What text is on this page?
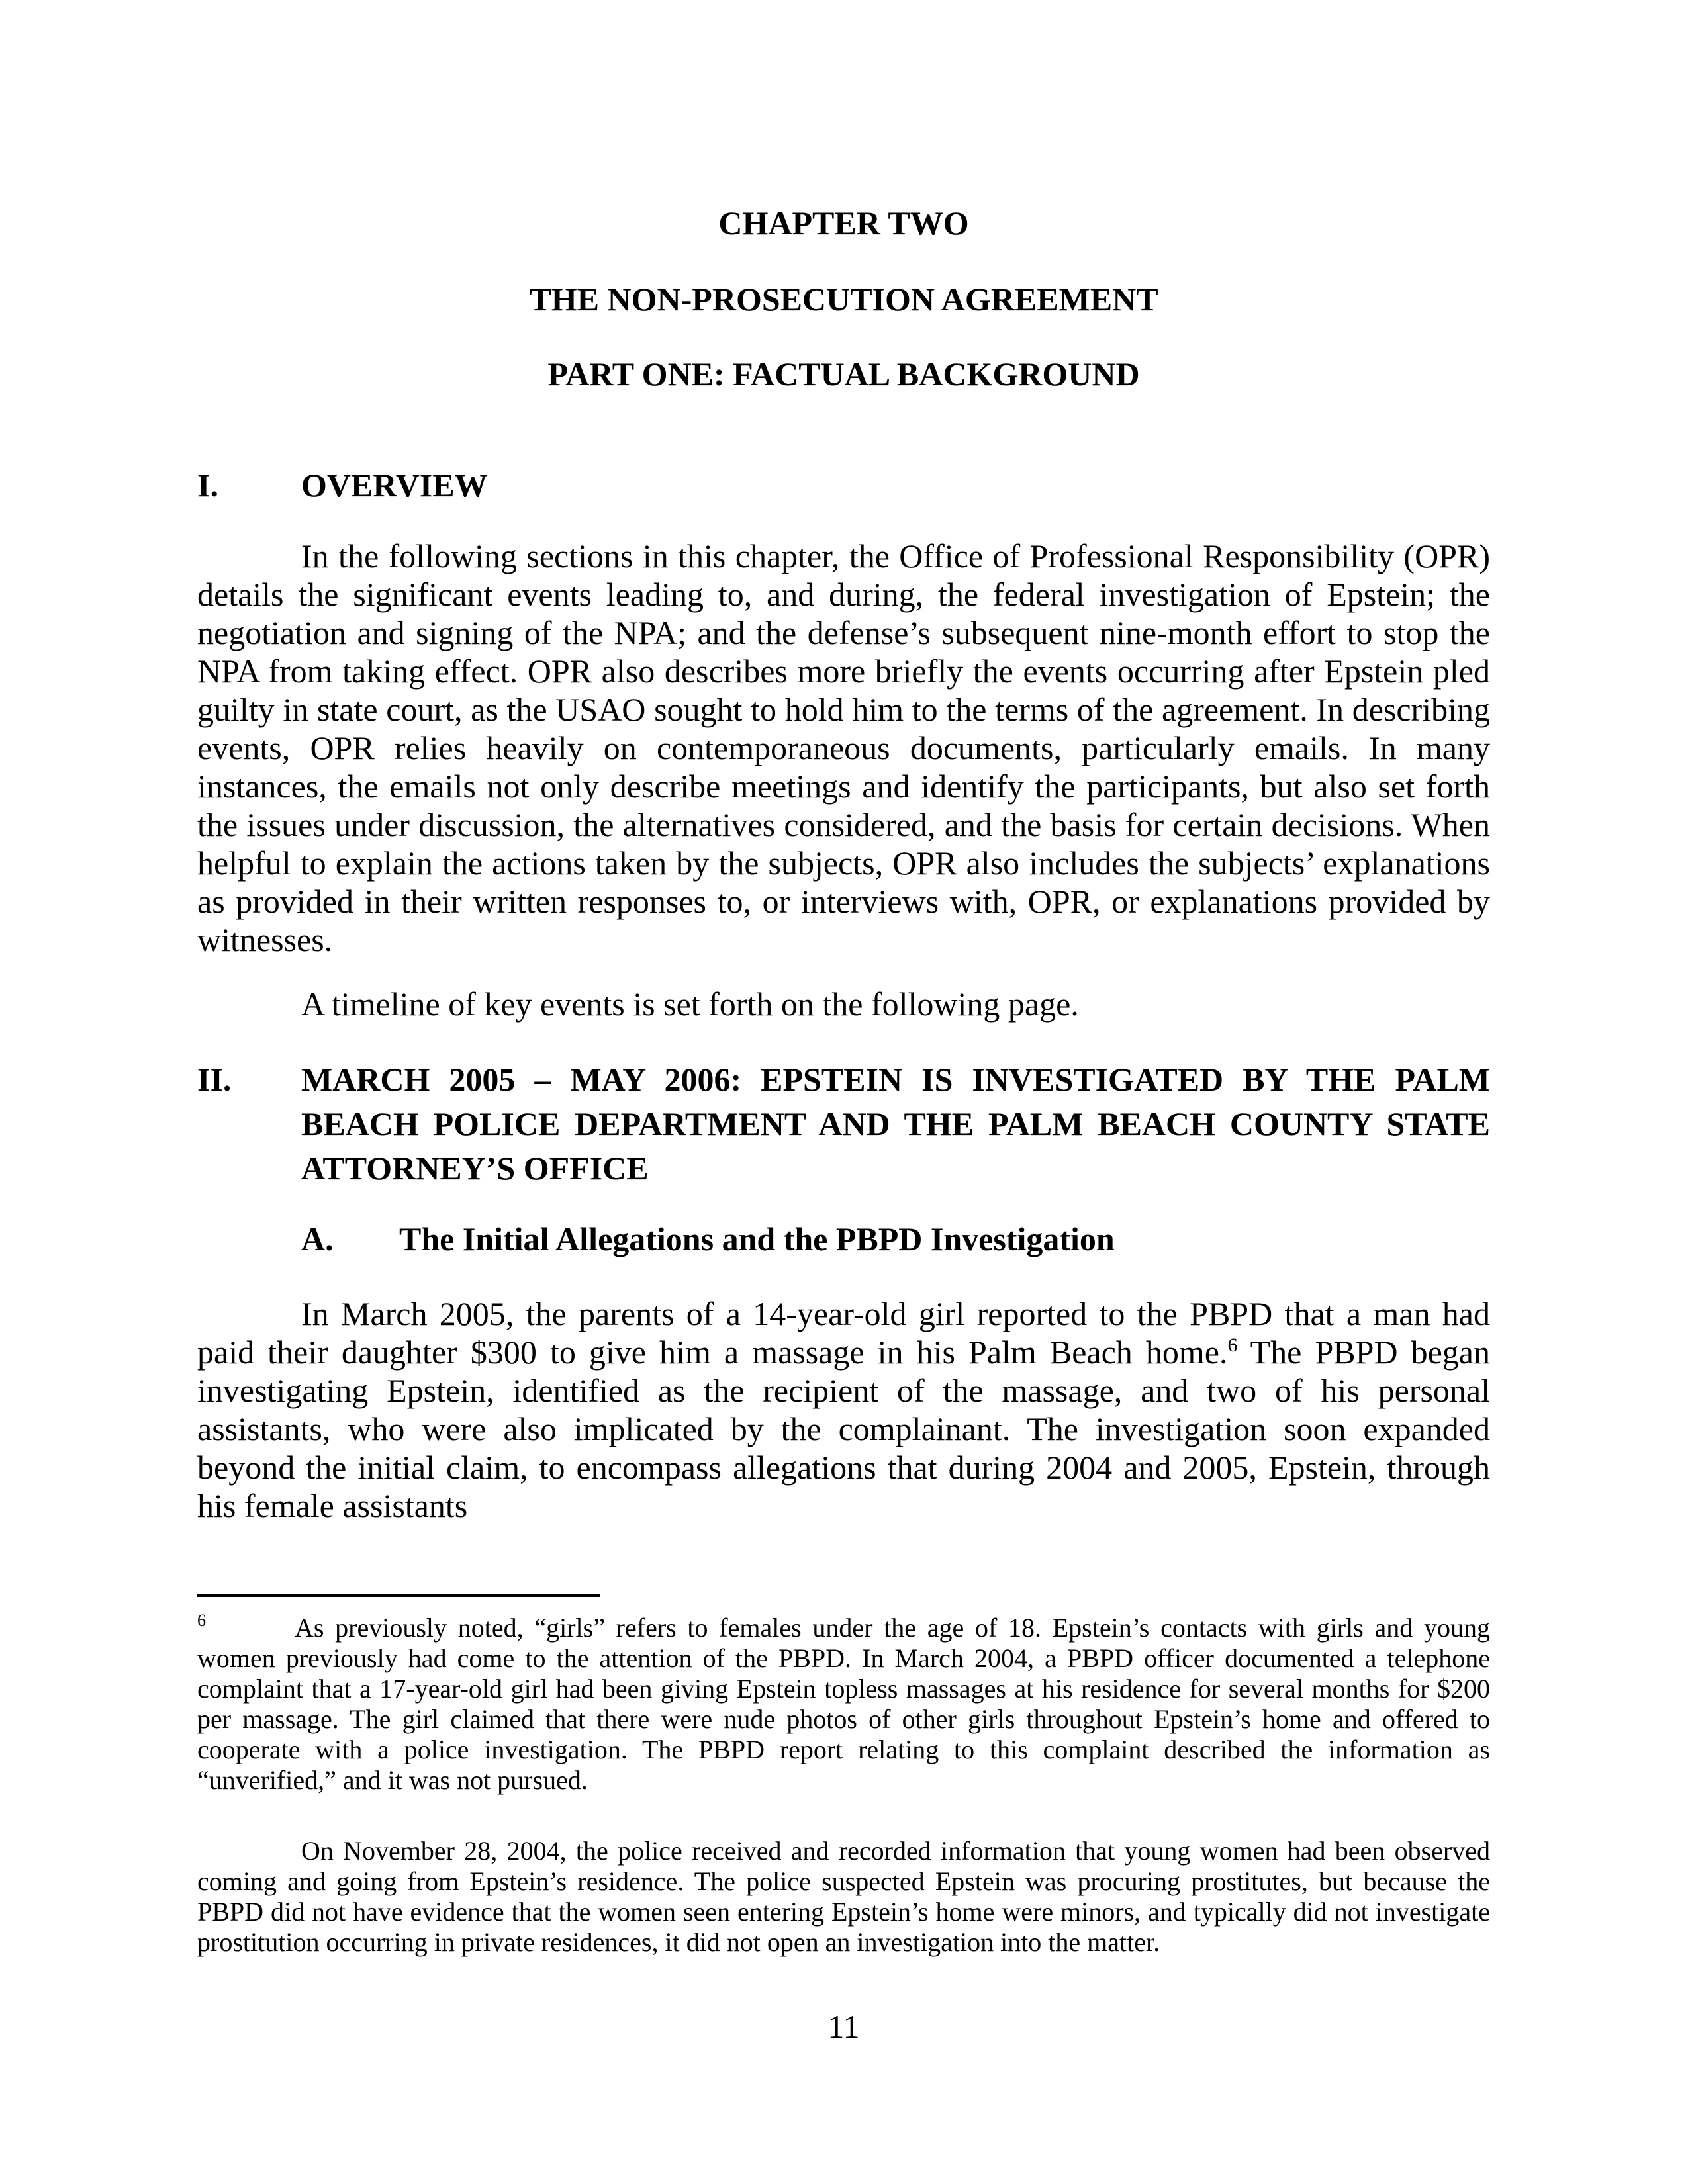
CHAPTER TWO
THE NON-PROSECUTION AGREEMENT
PART ONE: FACTUAL BACKGROUND
I.	OVERVIEW

In the following sections in this chapter, the Office of Professional Responsibility (OPR) details the significant events leading to, and during, the federal investigation of Epstein; the negotiation and signing of the NPA; and the defense’s subsequent nine-month effort to stop the NPA from taking effect. OPR also describes more briefly the events occurring after Epstein pled guilty in state court, as the USAO sought to hold him to the terms of the agreement. In describing events, OPR relies heavily on contemporaneous documents, particularly emails. In many instances, the emails not only describe meetings and identify the participants, but also set forth the issues under discussion, the alternatives considered, and the basis for certain decisions. When helpful to explain the actions taken by the subjects, OPR also includes the subjects’ explanations as provided in their written responses to, or interviews with, OPR, or explanations provided by witnesses.

A timeline of key events is set forth on the following page.

II. MARCH 2005 – MAY 2006: EPSTEIN IS INVESTIGATED BY THE PALM
BEACH POLICE DEPARTMENT AND THE PALM BEACH COUNTY STATE
ATTORNEY’S OFFICE
A. The Initial Allegations and the PBPD Investigation

In March 2005, the parents of a 14-year-old girl reported to the PBPD that a man had paid their daughter $300 to give him a massage in his Palm Beach home.$^6$ The PBPD began investigating Epstein, identified as the recipient of the massage, and two of his personal assistants, who were also implicated by the complainant. The investigation soon expanded beyond the initial claim, to encompass allegations that during 2004 and 2005, Epstein, through his female assistants

$^6$	As previously noted, “girls” refers to females under the age of 18. Epstein’s contacts with girls and young women previously had come to the attention of the PBPD. In March 2004, a PBPD officer documented a telephone complaint that a 17-year-old girl had been giving Epstein topless massages at his residence for several months for $200 per massage. The girl claimed that there were nude photos of other girls throughout Epstein’s home and offered to cooperate with a police investigation. The PBPD report relating to this complaint described the information as “unverified,” and it was not pursued.

On November 28, 2004, the police received and recorded information that young women had been observed coming and going from Epstein’s residence. The police suspected Epstein was procuring prostitutes, but because the PBPD did not have evidence that the women seen entering Epstein’s home were minors, and typically did not investigate prostitution occurring in private residences, it did not open an investigation into the matter.

11
